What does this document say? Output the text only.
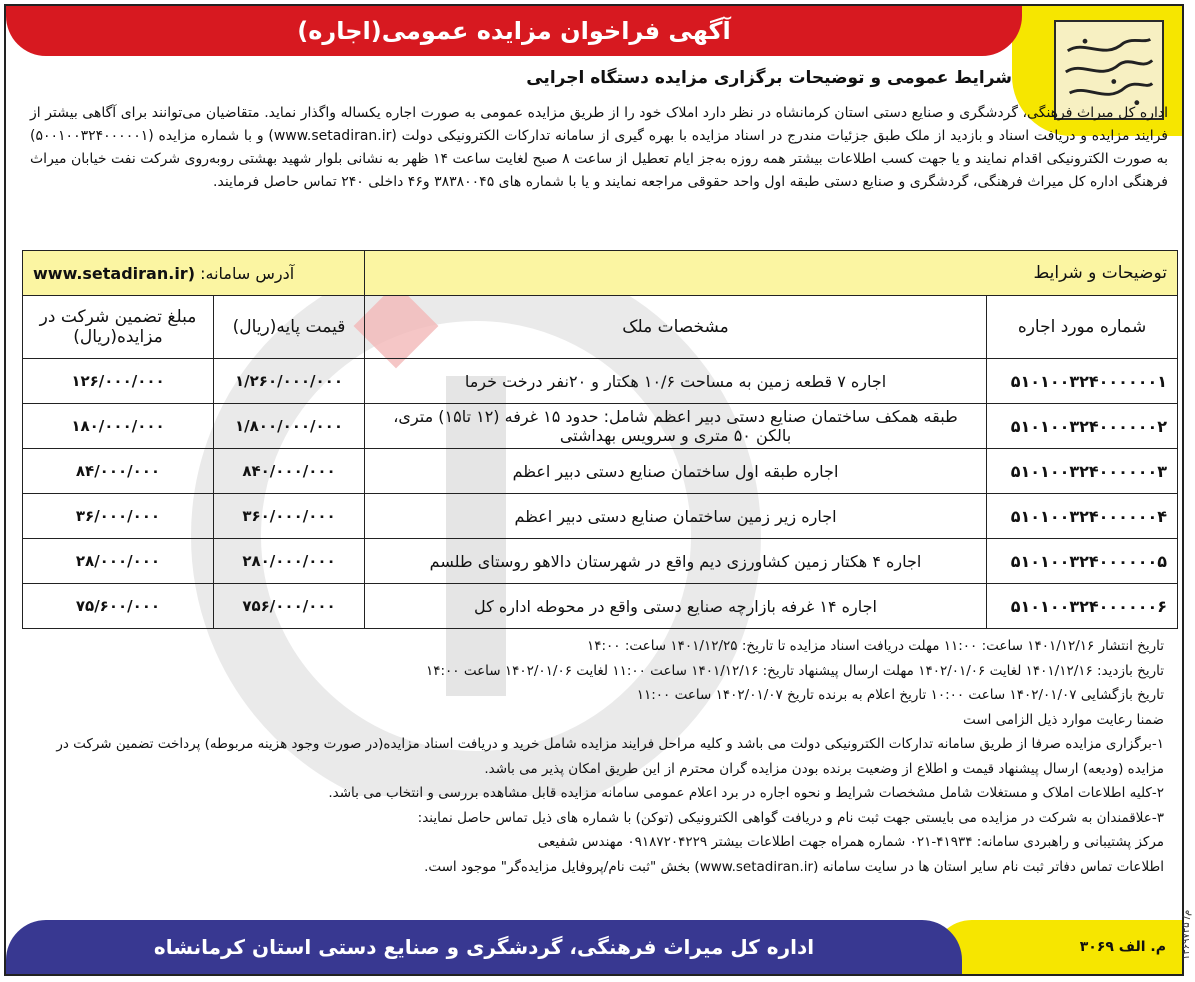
آگهی فراخوان مزایده عمومی(اجاره)
شرایط عمومی و توضیحات برگزاری مزایده دستگاه اجرایی
اداره کل میراث فرهنگی، گردشگری و صنایع دستی استان کرمانشاه در نظر دارد املاک خود را از طریق مزایده عمومی به صورت اجاره یکساله واگذار نماید. متقاضیان می‌توانند برای آگاهی بیشتر از فرایند مزایده و دریافت اسناد و بازدید از ملک طبق جزئیات مندرج در اسناد مزایده با بهره گیری از سامانه تدارکات الکترونیکی دولت (www.setadiran.ir) و با شماره مزایده (۵۰۰۱۰۰۳۲۴۰۰۰۰۰۱) به صورت الکترونیکی اقدام نمایند و یا جهت کسب اطلاعات بیشتر همه روزه به‌جز ایام تعطیل از ساعت ۸ صبح لغایت ساعت ۱۴ ظهر به نشانی بلوار شهید بهشتی روبه‌روی شرکت نفت خیابان میراث فرهنگی اداره کل میراث فرهنگی، گردشگری و صنایع دستی طبقه اول واحد حقوقی مراجعه نمایند و یا با شماره های ۳۸۳۸۰۰۴۵ و۴۶ داخلی ۲۴۰ تماس حاصل فرمایند.
توضیحات و شرایط		آدرس سامانه: (www.setadiran.ir	
شماره مورد اجاره	مشخصات ملک	قیمت پایه(ریال)	مبلغ تضمین شرکت در مزایده(ریال)
۵۱۰۱۰۰۳۲۴۰۰۰۰۰۰۱	اجاره ۷ قطعه زمین به مساحت ۱۰/۶ هکتار و ۲۰نفر درخت خرما	۱/۲۶۰/۰۰۰/۰۰۰	۱۲۶/۰۰۰/۰۰۰
۵۱۰۱۰۰۳۲۴۰۰۰۰۰۰۲	طبقه همکف ساختمان صنایع دستی دبیر اعظم شامل: حدود ۱۵ غرفه (۱۲ تا۱۵) متری، بالکن ۵۰ متری و سرویس بهداشتی	۱/۸۰۰/۰۰۰/۰۰۰	۱۸۰/۰۰۰/۰۰۰
۵۱۰۱۰۰۳۲۴۰۰۰۰۰۰۳	اجاره طبقه اول ساختمان صنایع دستی دبیر اعظم	۸۴۰/۰۰۰/۰۰۰	۸۴/۰۰۰/۰۰۰
۵۱۰۱۰۰۳۲۴۰۰۰۰۰۰۴	اجاره زیر زمین ساختمان صنایع دستی دبیر اعظم	۳۶۰/۰۰۰/۰۰۰	۳۶/۰۰۰/۰۰۰
۵۱۰۱۰۰۳۲۴۰۰۰۰۰۰۵	اجاره ۴ هکتار زمین کشاورزی دیم واقع در شهرستان دالاهو روستای طلسم	۲۸۰/۰۰۰/۰۰۰	۲۸/۰۰۰/۰۰۰
۵۱۰۱۰۰۳۲۴۰۰۰۰۰۰۶	اجاره ۱۴ غرفه بازارچه صنایع دستی واقع در محوطه اداره کل	۷۵۶/۰۰۰/۰۰۰	۷۵/۶۰۰/۰۰۰

تاریخ انتشار ۱۴۰۱/۱۲/۱۶ ساعت: ۱۱:۰۰ مهلت دریافت اسناد مزایده تا تاریخ: ۱۴۰۱/۱۲/۲۵ ساعت: ۱۴:۰۰

تاریخ بازدید: ۱۴۰۱/۱۲/۱۶ لغایت ۱۴۰۲/۰۱/۰۶ مهلت ارسال پیشنهاد تاریخ: ۱۴۰۱/۱۲/۱۶ ساعت ۱۱:۰۰ لغایت ۱۴۰۲/۰۱/۰۶ ساعت ۱۴:۰۰

تاریخ بازگشایی ۱۴۰۲/۰۱/۰۷ ساعت ۱۰:۰۰ تاریخ اعلام به برنده تاریخ ۱۴۰۲/۰۱/۰۷ ساعت ۱۱:۰۰

ضمنا رعایت موارد ذیل الزامی است

۱-برگزاری مزایده صرفا از طریق سامانه تدارکات الکترونیکی دولت می باشد و کلیه مراحل فرایند مزایده شامل خرید و دریافت اسناد مزایده(در صورت وجود هزینه مربوطه) پرداخت تضمین شرکت در مزایده (ودیعه) ارسال پیشنهاد قیمت و اطلاع از وضعیت برنده بودن مزایده گران محترم از این طریق امکان پذیر می باشد.

۲-کلیه اطلاعات املاک و مستغلات شامل مشخصات شرایط و نحوه اجاره در برد اعلام عمومی سامانه مزایده قابل مشاهده بررسی و انتخاب می باشد.

۳-علاقمندان به شرکت در مزایده می بایستی جهت ثبت نام و دریافت گواهی الکترونیکی (توکن) با شماره های ذیل تماس حاصل نمایند:

مرکز پشتیبانی و راهبردی سامانه: ۴۱۹۳۴-۰۲۱ شماره همراه جهت اطلاعات بیشتر ۰۹۱۸۷۲۰۴۲۲۹ مهندس شفیعی

اطلاعات تماس دفاتر ثبت نام سایر استان ها در سایت سامانه (www.setadiran.ir) بخش "ثبت نام/پروفایل مزایده‌گر" موجود است.

م. الف ۳۰۶۹
اداره کل میراث فرهنگی، گردشگری و صنایع دستی استان کرمانشاه	۱۴۶۹۷۴۵ /م
